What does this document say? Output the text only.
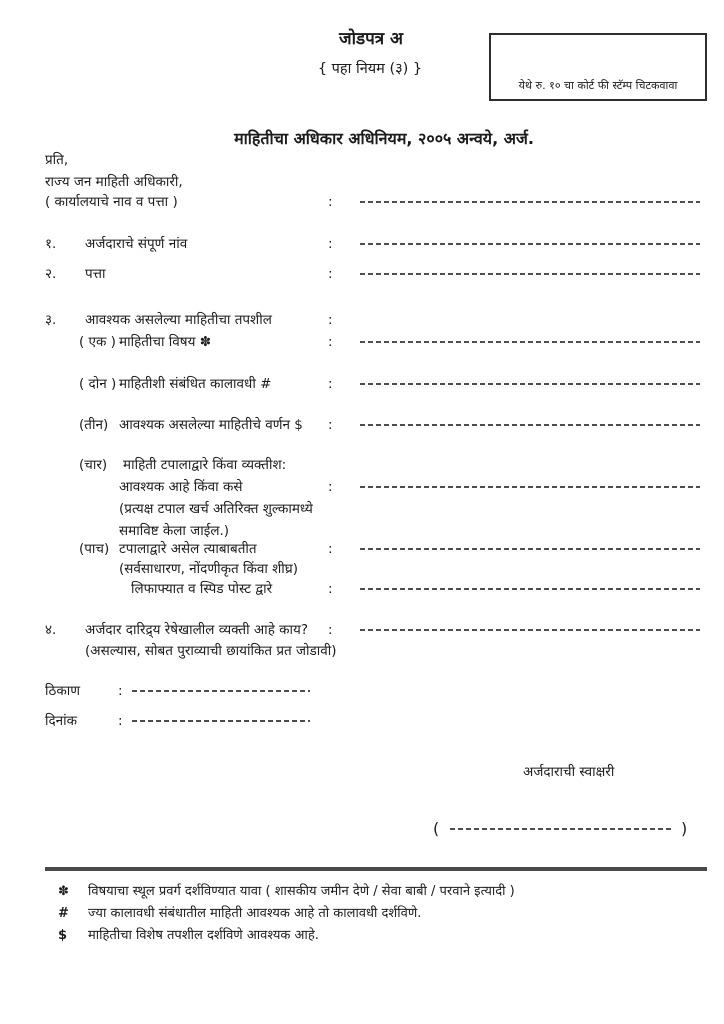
जोडपत्र अ
{ पहा नियम (३) }
येथे रु. १० चा कोर्ट फी स्टॅम्प चिटकवावा
माहितीचा अधिकार अधिनियम, २००५ अन्वये, अर्ज.
प्रति,
राज्य जन माहिती अधिकारी,
( कार्यालयाचे नाव व पत्ता )	:
१. अर्जदाराचे संपूर्ण नांव	:
२. पत्ता	:
३. आवश्यक असलेल्या माहितीचा तपशील	:
( एक ) माहितीचा विषय ✽	:
( दोन ) माहितीशी संबंधित कालावधी #	:
(तीन) आवश्यक असलेल्या माहितीचे वर्णन $ :
(चार) माहिती टपालाद्वारे किंवा व्यक्तीश:
आवश्यक आहे किंवा कसे	:
(प्रत्यक्ष टपाल खर्च अतिरिक्त शुल्कामध्ये
समाविष्ट केला जाईल.)
(पाच) टपालाद्वारे असेल त्याबाबतीत	:
(सर्वसाधारण, नोंदणीकृत किंवा शीघ्र)
लिफाफ्यात व स्पिड पोस्ट द्वारे	:
४. अर्जदार दारिद्र्य रेषेखालील व्यक्ती आहे काय? :
(असल्यास, सोबत पुराव्याची छायांकित प्रत जोडावी)
ठिकाण	:
दिनांक	:
अर्जदाराची स्वाक्षरी
(	)
✽ विषयाचा स्थूल प्रवर्ग दर्शविण्यात यावा ( शासकीय जमीन देणे / सेवा बाबी / परवाने इत्यादी )
# ज्या कालावधी संबंधातील माहिती आवश्यक आहे तो कालावधी दर्शविणे.
$ माहितीचा विशेष तपशील दर्शविणे आवश्यक आहे.
